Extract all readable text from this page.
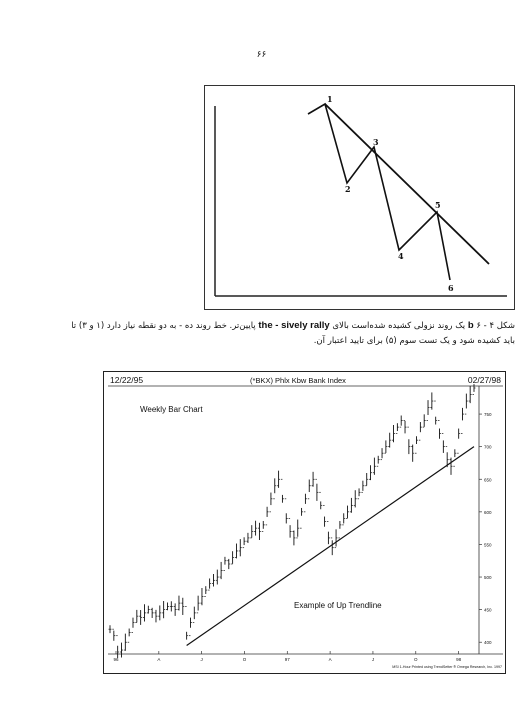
۶۶
1
2
3
4
5
6
شکل ۴ - ۶ b یک روند نزولی کشیده شده‌است بالای the - sively rally پایین‌تر. خط روند ده - به دو نقطه نیاز دارد (۱ و ۳) تا
باید کشیده شود و یک تست سوم (۵) برای تایید اعتبار آن.
12/22/95	(*BKX) Phlx Kbw Bank Index	02/27/98
Weekly Bar Chart
Example of Up Trendline
400
450
500
550
600
650
700
750
96	A	J	O	97	A	J	O	98
MSI 1-Hour Printed using TrendSetter ® Omega Research, Inc. 1997
